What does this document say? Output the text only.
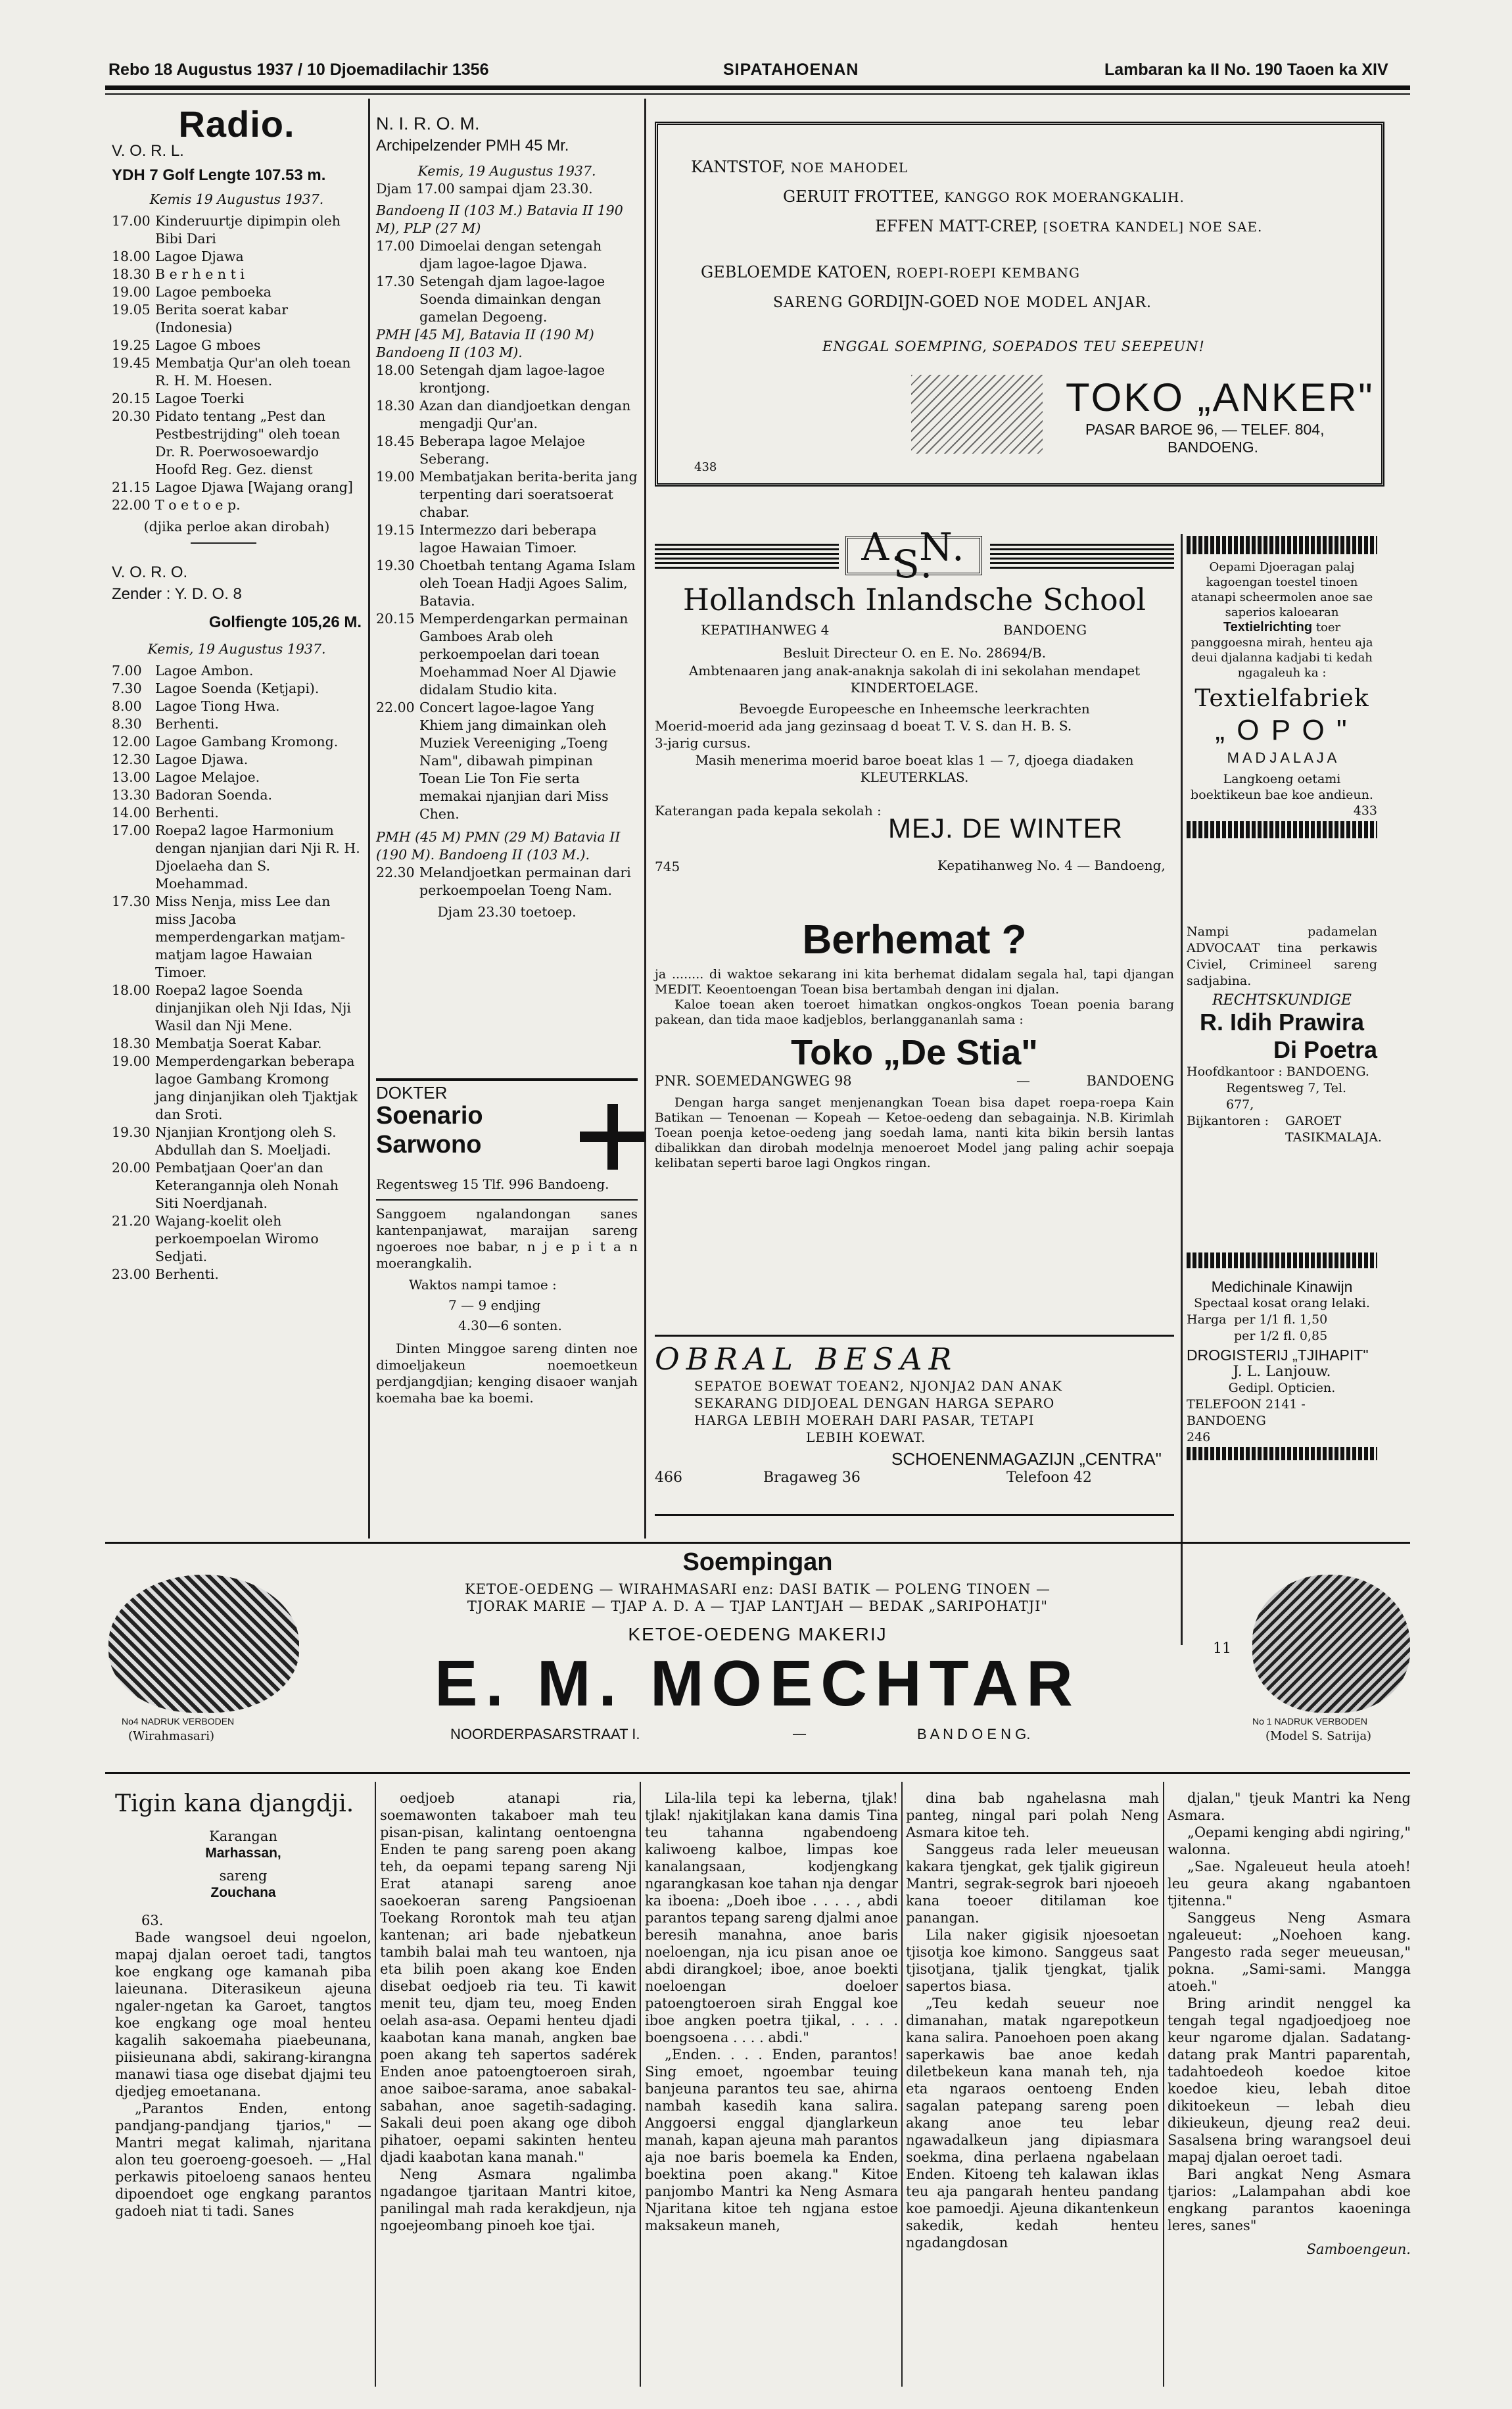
Rebo 18 Augustus 1937 / 10 Djoemadilachir 1356	SIPATAHOENAN	Lambaran ka II No. 190 Taoen ka XIV
Radio.
V. O. R. L.
YDH 7 Golf Lengte 107.53 m.
Kemis 19 Augustus 1937.
17.00 Kinderuurtje dipimpin oleh Bibi Dari
18.00 Lagoe Djawa
18.30 B e r h e n t i
19.00 Lagoe pemboeka
19.05 Berita soerat kabar (Indonesia)
19.25 Lagoe G mboes
19.45 Membatja Qur'an oleh toean R. H. M. Hoesen.
20.15 Lagoe Toerki
20.30 Pidato tentang „Pest dan Pestbestrijding" oleh toean Dr. R. Poerwosoewardjo Hoofd Reg. Gez. dienst
21.15 Lagoe Djawa [Wajang orang]
22.00 T o e t o e p.
(djika perloe akan dirobah)
V. O. R. O.
Zender : Y. D. O. 8
Golfiengte 105,26 M.
Kemis, 19 Augustus 1937.
7.00 Lagoe Ambon.
7.30 Lagoe Soenda (Ketjapi).
8.00 Lagoe Tiong Hwa.
8.30 Berhenti.
12.00 Lagoe Gambang Kromong.
12.30 Lagoe Djawa.
13.00 Lagoe Melajoe.
13.30 Badoran Soenda.
14.00 Berhenti.
17.00 Roepa2 lagoe Harmonium dengan njanjian dari Nji R. H. Djoelaeha dan S. Moehammad.
17.30 Miss Nenja, miss Lee dan miss Jacoba memperdengarkan matjam-matjam lagoe Hawaian Timoer.
18.00 Roepa2 lagoe Soenda dinjanjikan oleh Nji Idas, Nji Wasil dan Nji Mene.
18.30 Membatja Soerat Kabar.
19.00 Memperdengarkan beberapa lagoe Gambang Kromong jang dinjanjikan oleh Tjaktjak dan Sroti.
19.30 Njanjian Krontjong oleh S. Abdullah dan S. Moeljadi.
20.00 Pembatjaan Qoer'an dan Keterangannja oleh Nonah Siti Noerdjanah.
21.20 Wajang-koelit oleh perkoempoelan Wiromo Sedjati.
23.00 Berhenti.
N. I. R. O. M.
Archipelzender PMH 45 Mr.
Kemis, 19 Augustus 1937.
Djam 17.00 sampai djam 23.30.
Bandoeng II (103 M.) Batavia II 190 M), PLP (27 M)
17.00 Dimoelai dengan setengah djam lagoe-lagoe Djawa.
17.30 Setengah djam lagoe-lagoe Soenda dimainkan dengan gamelan Degoeng.
PMH [45 M], Batavia II (190 M) Bandoeng II (103 M).
18.00 Setengah djam lagoe-lagoe krontjong.
18.30 Azan dan diandjoetkan dengan mengadji Qur'an.
18.45 Beberapa lagoe Melajoe Seberang.
19.00 Membatjakan berita-berita jang terpenting dari soeratsoerat chabar.
19.15 Intermezzo dari beberapa lagoe Hawaian Timoer.
19.30 Choetbah tentang Agama Islam oleh Toean Hadji Agoes Salim, Batavia.
20.15 Memperdengarkan permainan Gamboes Arab oleh perkoempoelan dari toean Moehammad Noer Al Djawie didalam Studio kita.
22.00 Concert lagoe-lagoe Yang Khiem jang dimainkan oleh Muziek Vereeniging „Toeng Nam", dibawah pimpinan Toean Lie Ton Fie serta memakai njanjian dari Miss Chen.
PMH (45 M) PMN (29 M) Batavia II (190 M). Bandoeng II (103 M.).
22.30 Melandjoetkan permainan dari perkoempoelan Toeng Nam.
Djam 23.30 toetoep.
DOKTER
Soenario
Sarwono
Regentsweg 15 Tlf. 996 Bandoeng.
Sanggoem ngalandongan sanes kantenpanjawat, maraijan sareng ngoeroes noe babar, n j e p i t a n moerangkalih.
Waktos nampi tamoe :
7 — 9 endjing
4.30—6 sonten.
Dinten Minggoe sareng dinten noe dimoeljakeun noemoetkeun perdjangdjian; kenging disaoer wanjah koemaha bae ka boemi.
KANTSTOF, NOE MAHODEL
GERUIT FROTTEE, KANGGO ROK MOERANGKALIH.
EFFEN MATT-CREP, [SOETRA KANDEL] NOE SAE.
GEBLOEMDE KATOEN, ROEPI-ROEPI KEMBANG
SARENG GORDIJN-GOED NOE MODEL ANJAR.
ENGGAL SOEMPING, SOEPADOS TEU SEEPEUN!
TOKO „ANKER"
PASAR BAROE 96, — TELEF. 804,
BANDOENG.
438
A. N. S.
Hollandsch Inlandsche School
KEPATIHANWEG 4	BANDOENG
Besluit Directeur O. en E. No. 28694/B.
Ambtenaaren jang anak-anaknja sakolah di ini sekolahan mendapet KINDERTOELAGE.
Bevoegde Europeesche en Inheemsche leerkrachten
Moerid-moerid ada jang gezinsaag d boeat T. V. S. dan H. B. S.
3-jarig cursus.
Masih menerima moerid baroe boeat klas 1 — 7, djoega diadaken KLEUTERKLAS.
Katerangan pada kepala sekolah :
MEJ. DE WINTER
745	Kepatihanweg No. 4 — Bandoeng,
Oepami Djoeragan palaj kagoengan toestel tinoen atanapi scheermolen anoe sae saperios kaloearan Textielrichting toer panggoesna mirah, henteu aja deui djalanna kadjabi ti kedah ngagaleuh ka :
Textielfabriek
„ O P O "
M A D J A L A J A
Langkoeng oetami boektikeun bae koe andieun.
433
Nampi padamelan ADVOCAAT tina perkawis Civiel, Crimineel sareng sadjabina.
RECHTSKUNDIGE
R. Idih Prawira
Di Poetra
Hoofdkantoor : BANDOENG.
Regentsweg 7, Tel. 677,
Bijkantoren :	GAROET
TASIKMALAJA.
Berhemat ?
ja ........ di waktoe sekarang ini kita berhemat didalam segala hal, tapi djangan MEDIT. Keoentoengan Toean bisa bertambah dengan ini djalan.
Kaloe toean aken toeroet himatkan ongkos-ongkos Toean poenia barang pakean, dan tida maoe kadjeblos, berlanggananlah sama :
Toko „De Stia"
PNR. SOEMEDANGWEG 98	—	BANDOENG
Dengan harga sanget menjenangkan Toean bisa dapet roepa-roepa Kain Batikan — Tenoenan — Kopeah — Ketoe-oedeng dan sebagainja. N.B. Kirimlah Toean poenja ketoe-oedeng jang soedah lama, nanti kita bikin bersih lantas dibalikkan dan dirobah modelnja menoeroet Model jang paling achir soepaja kelibatan seperti baroe lagi Ongkos ringan.
Medichinale Kinawijn
Spectaal kosat orang lelaki.
Harga per 1/1 fl. 1,50
per 1/2 fl. 0,85
DROGISTERIJ „TJIHAPIT"
J. L. Lanjouw.
Gedipl. Opticien.
TELEFOON 2141 - BANDOENG
246
OBRAL BESAR
SEPATOE BOEWAT TOEAN2, NJONJA2 DAN ANAK
SEKARANG DIDJOEAL DENGAN HARGA SEPARO
HARGA LEBIH MOERAH DARI PASAR, TETAPI
LEBIH KOEWAT.
SCHOENENMAGAZIJN „CENTRA"
466	Bragaweg 36	Telefoon 42
No4 NADRUK VERBODEN
(Wirahmasari)
Soempingan
KETOE-OEDENG — WIRAHMASARI enz: DASI BATIK — POLENG TINOEN —
TJORAK MARIE — TJAP A. D. A — TJAP LANTJAH — BEDAK „SARIPOHATJI"
KETOE-OEDENG MAKERIJ
E. M. MOECHTAR
NOORDERPASARSTRAAT I.	—	B A N D O E N G.
11
No 1 NADRUK VERBODEN
(Model S. Satrija)
Tigin kana djangdji.
Karangan
Marhassan,
sareng
Zouchana
63.
Bade wangsoel deui ngoelon, mapaj djalan oeroet tadi, tangtos koe engkang oge kamanah piba laieunana. Diterasikeun ajeuna ngaler-ngetan ka Garoet, tangtos koe engkang oge moal henteu kagalih sakoemaha piaebeunana, piisieunana abdi, sakirang-kirangna manawi tiasa oge disebat djajmi teu djedjeg emoetanana.
„Parantos Enden, entong pandjang-pandjang tjarios," — Mantri megat kalimah, njaritana alon teu goeroeng-goesoeh. — „Hal perkawis pitoeloeng sanaos henteu dipoendoet oge engkang parantos gadoeh niat ti tadi. Sanes
oedjoeb atanapi ria, soemawonten takaboer mah teu pisan-pisan, kalintang oentoengna Enden te pang sareng poen akang teh, da oepami tepang sareng Nji Erat atanapi sareng anoe saoekoeran sareng Pangsioenan Toekang Rorontok mah teu atjan kantenan; ari bade njebatkeun tambih balai mah teu wantoen, nja eta bilih poen akang koe Enden disebat oedjoeb ria teu. Ti kawit menit teu, djam teu, moeg Enden oelah asa-asa. Oepami henteu djadi kaabotan kana manah, angken bae poen akang teh sapertos sadérek Enden anoe patoengtoeroen sirah, anoe saiboe-sarama, anoe sabakal-sabahan, anoe sagetih-sadaging. Sakali deui poen akang oge diboh pihatoer, oepami sakinten henteu djadi kaabotan kana manah."
Neng Asmara ngalimba ngadangoe tjaritaan Mantri kitoe, panilingal mah rada kerakdjeun, nja ngoejeombang pinoeh koe tjai.
Lila-lila tepi ka leberna, tjlak! tjlak! njakitjlakan kana damis Tina teu tahanna ngabendoeng kaliwoeng kalboe, limpas koe kanalangsaan, kodjengkang ngarangkasan koe tahan nja dengar ka iboena: „Doeh iboe . . . . , abdi parantos tepang sareng djalmi anoe beresih manahna, anoe baris noeloengan, nja icu pisan anoe oe abdi dirangkoel; iboe, anoe boekti noeloengan doeloer patoengtoeroen sirah Enggal koe iboe angken poetra tjikal, . . . . boengsoena . . . . abdi."
„Enden. . . . Enden, parantos! Sing emoet, ngoembar teuing banjeuna parantos teu sae, ahirna nambah kasedih kana salira. Anggoersi enggal djanglarkeun manah, kapan ajeuna mah parantos aja noe baris boemela ka Enden, boektina poen akang." Kitoe panjombo Mantri ka Neng Asmara Njaritana kitoe teh ngjana estoe maksakeun maneh,
dina bab ngahelasna mah panteg, ningal pari polah Neng Asmara kitoe teh.
Sanggeus rada leler meueusan kakara tjengkat, gek tjalik gigireun Mantri, segrak-segrok bari njoeoeh kana toeoer ditilaman koe panangan.
Lila naker gigisik njoesoetan tjisotja koe kimono. Sanggeus saat tjisotjana, tjalik tjengkat, tjalik sapertos biasa.
„Teu kedah seueur noe dimanahan, matak ngarepotkeun kana salira. Panoehoen poen akang saperkawis bae anoe kedah diletbekeun kana manah teh, nja eta ngaraos oentoeng Enden sagalan patepang sareng poen akang anoe teu lebar ngawadalkeun jang dipiasmara soekma, dina perlaena ngabelaan Enden. Kitoeng teh kalawan iklas teu aja pangarah henteu pandang koe pamoedji. Ajeuna dikantenkeun sakedik, kedah henteu ngadangdosan
djalan," tjeuk Mantri ka Neng Asmara.
„Oepami kenging abdi ngiring," walonna.
„Sae. Ngaleueut heula atoeh! leu geura akang ngabantoen tjitenna."
Sanggeus Neng Asmara ngaleueut: „Noehoen kang. Pangesto rada seger meueusan," pokna. „Sami-sami. Mangga atoeh."
Bring arindit nenggel ka tengah tegal ngadjoedjoeg noe keur ngarome djalan. Sadatang-datang prak Mantri paparentah, tadahtoedeoh koedoe kitoe koedoe kieu, lebah ditoe dikitoekeun — lebah dieu dikieukeun, djeung rea2 deui. Sasalsena bring warangsoel deui mapaj djalan oeroet tadi.
Bari angkat Neng Asmara tjarios: „Lalampahan abdi koe engkang parantos kaoeninga leres, sanes"
Samboengeun.
